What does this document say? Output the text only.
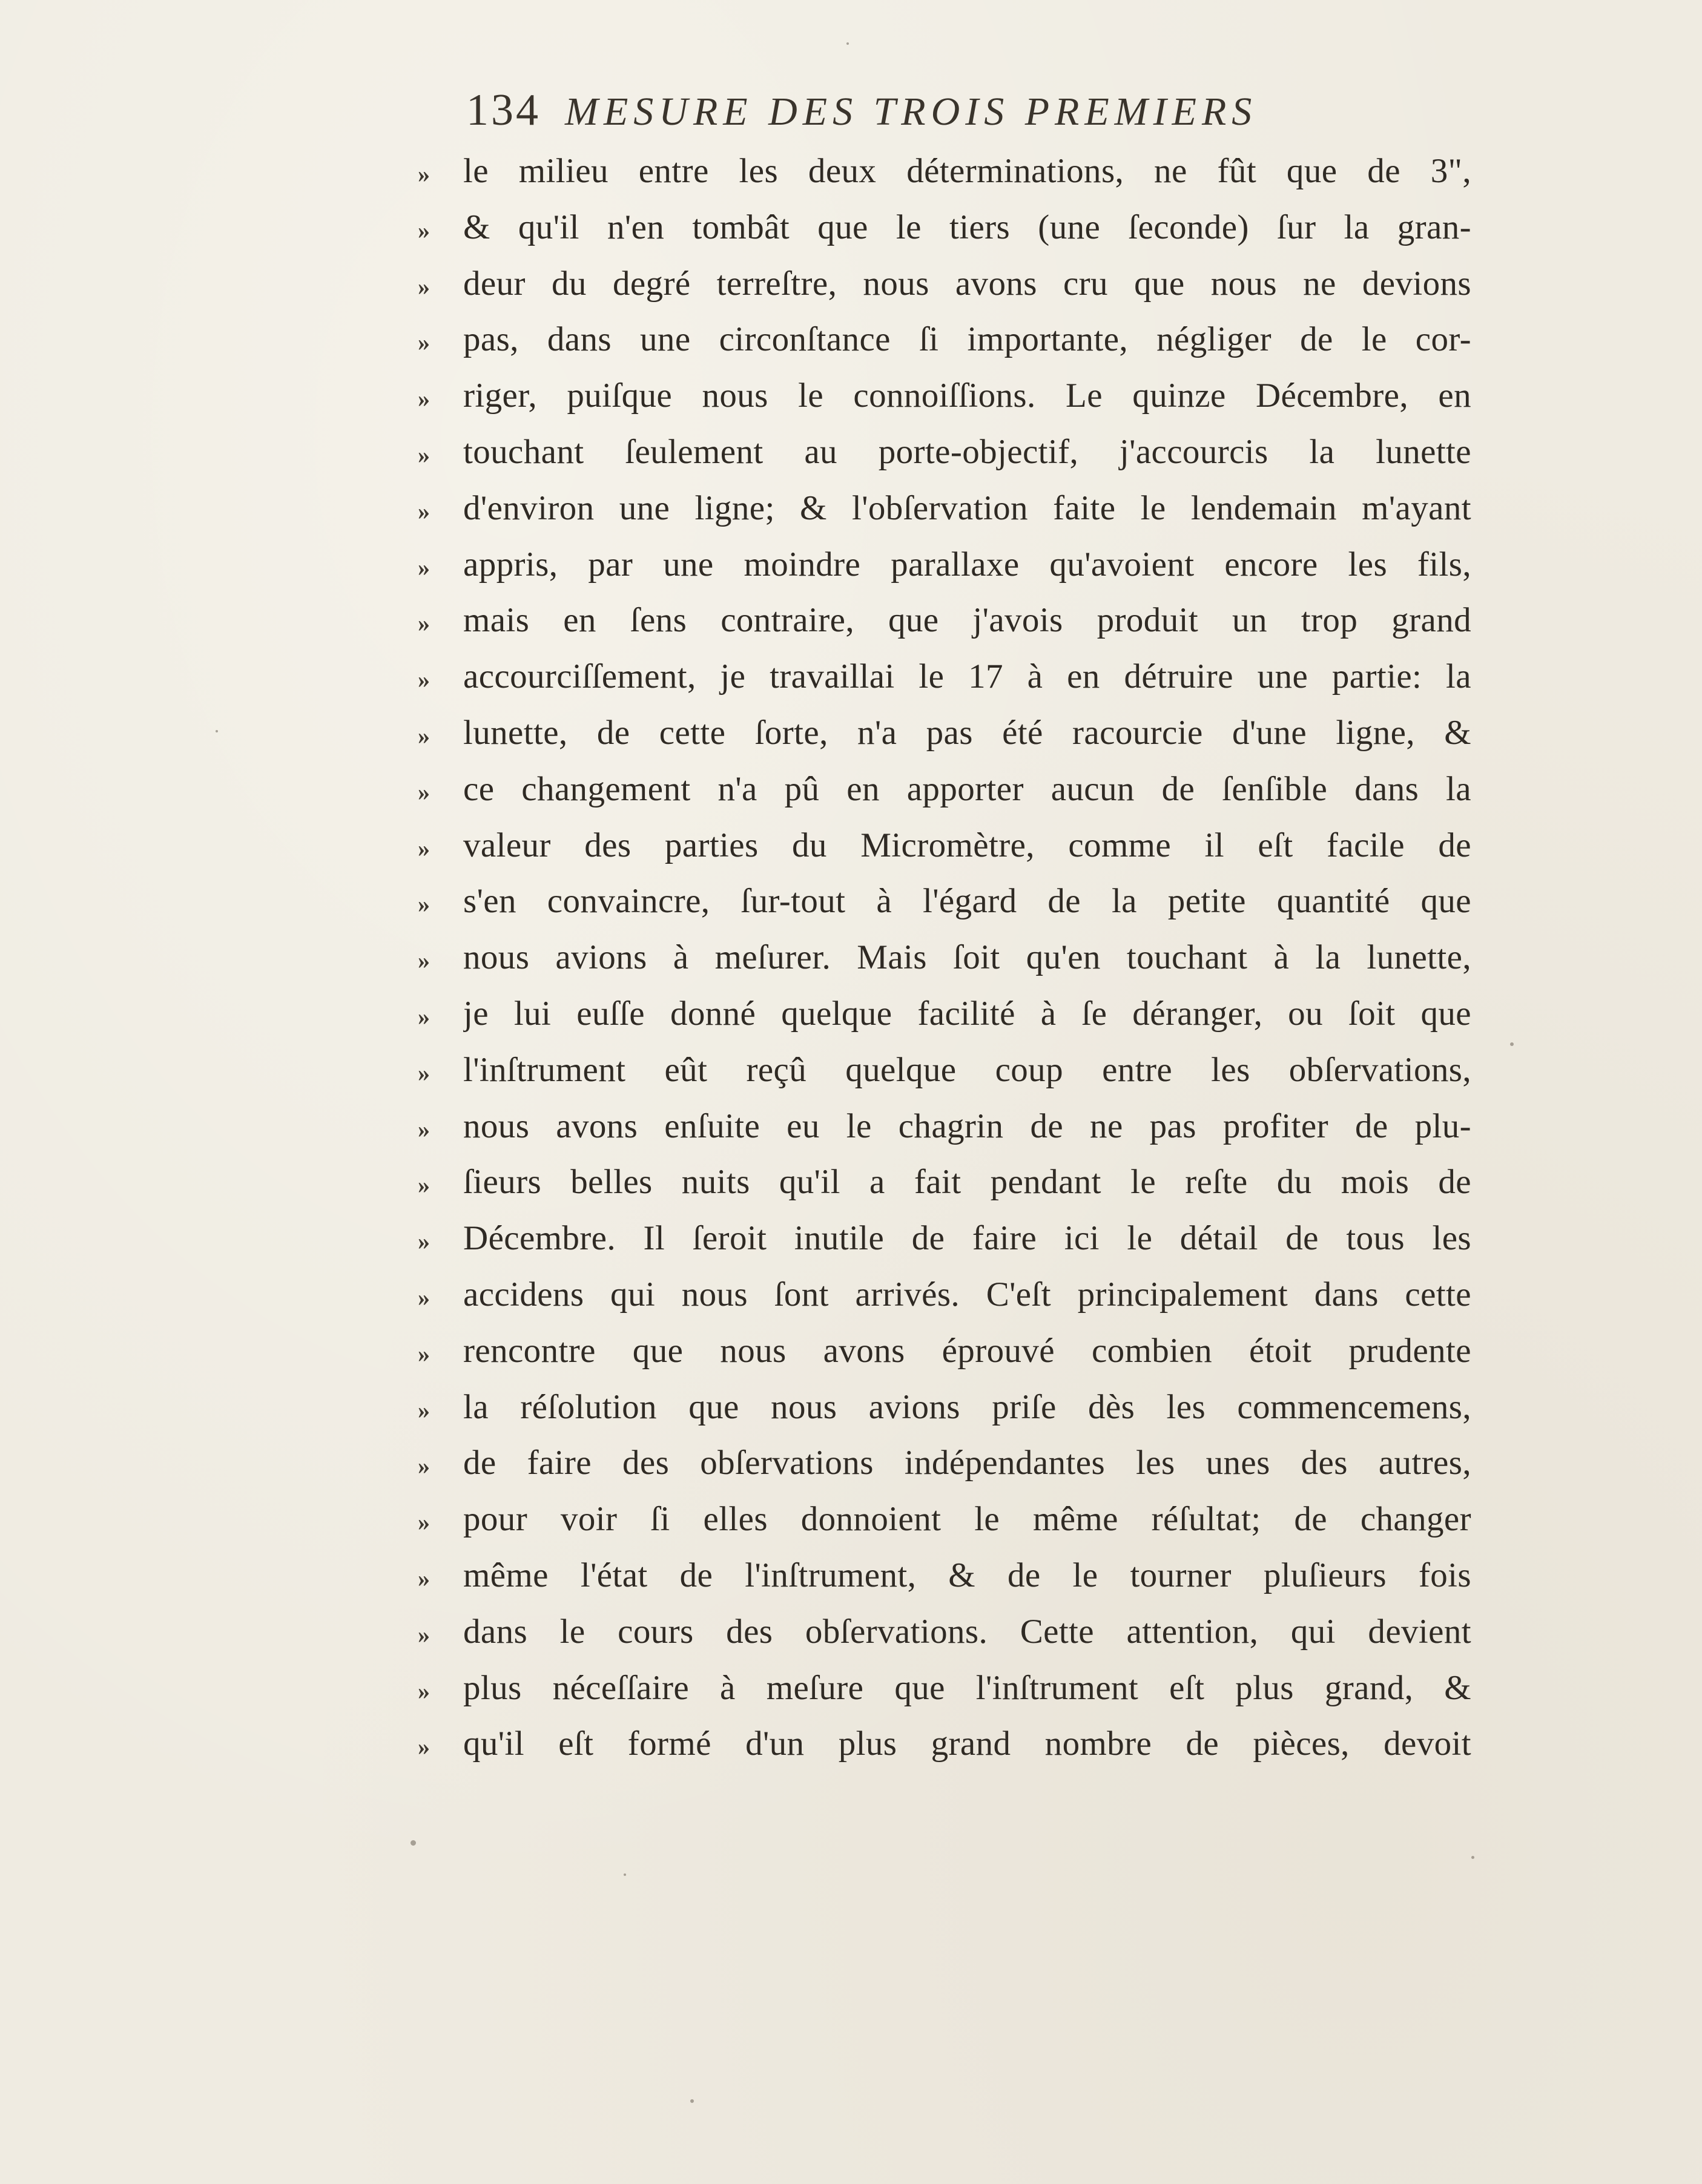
134 MESURE DES TROIS PREMIERS
» le milieu entre les deux déterminations, ne fût que de 3",
» & qu'il n'en tombât que le tiers (une ſeconde) ſur la gran-
» deur du degré terreſtre, nous avons cru que nous ne devions
» pas, dans une circonſtance ſi importante, négliger de le cor-
» riger, puiſque nous le connoiſſions. Le quinze Décembre, en
» touchant ſeulement au porte-objectif, j'accourcis la lunette
» d'environ une ligne; & l'obſervation faite le lendemain m'ayant
» appris, par une moindre parallaxe qu'avoient encore les fils,
» mais en ſens contraire, que j'avois produit un trop grand
» accourciſſement, je travaillai le 17 à en détruire une partie: la
» lunette, de cette ſorte, n'a pas été racourcie d'une ligne, &
» ce changement n'a pû en apporter aucun de ſenſible dans la
» valeur des parties du Micromètre, comme il eſt facile de
» s'en convaincre, ſur-tout à l'égard de la petite quantité que
» nous avions à meſurer. Mais ſoit qu'en touchant à la lunette,
» je lui euſſe donné quelque facilité à ſe déranger, ou ſoit que
» l'inſtrument eût reçû quelque coup entre les obſervations,
» nous avons enſuite eu le chagrin de ne pas profiter de plu-
» ſieurs belles nuits qu'il a fait pendant le reſte du mois de
» Décembre. Il ſeroit inutile de faire ici le détail de tous les
» accidens qui nous ſont arrivés. C'eſt principalement dans cette
» rencontre que nous avons éprouvé combien étoit prudente
» la réſolution que nous avions priſe dès les commencemens,
» de faire des obſervations indépendantes les unes des autres,
» pour voir ſi elles donnoient le même réſultat; de changer
» même l'état de l'inſtrument, & de le tourner pluſieurs fois
» dans le cours des obſervations. Cette attention, qui devient
» plus néceſſaire à meſure que l'inſtrument eſt plus grand, &
» qu'il eſt formé d'un plus grand nombre de pièces, devoit
